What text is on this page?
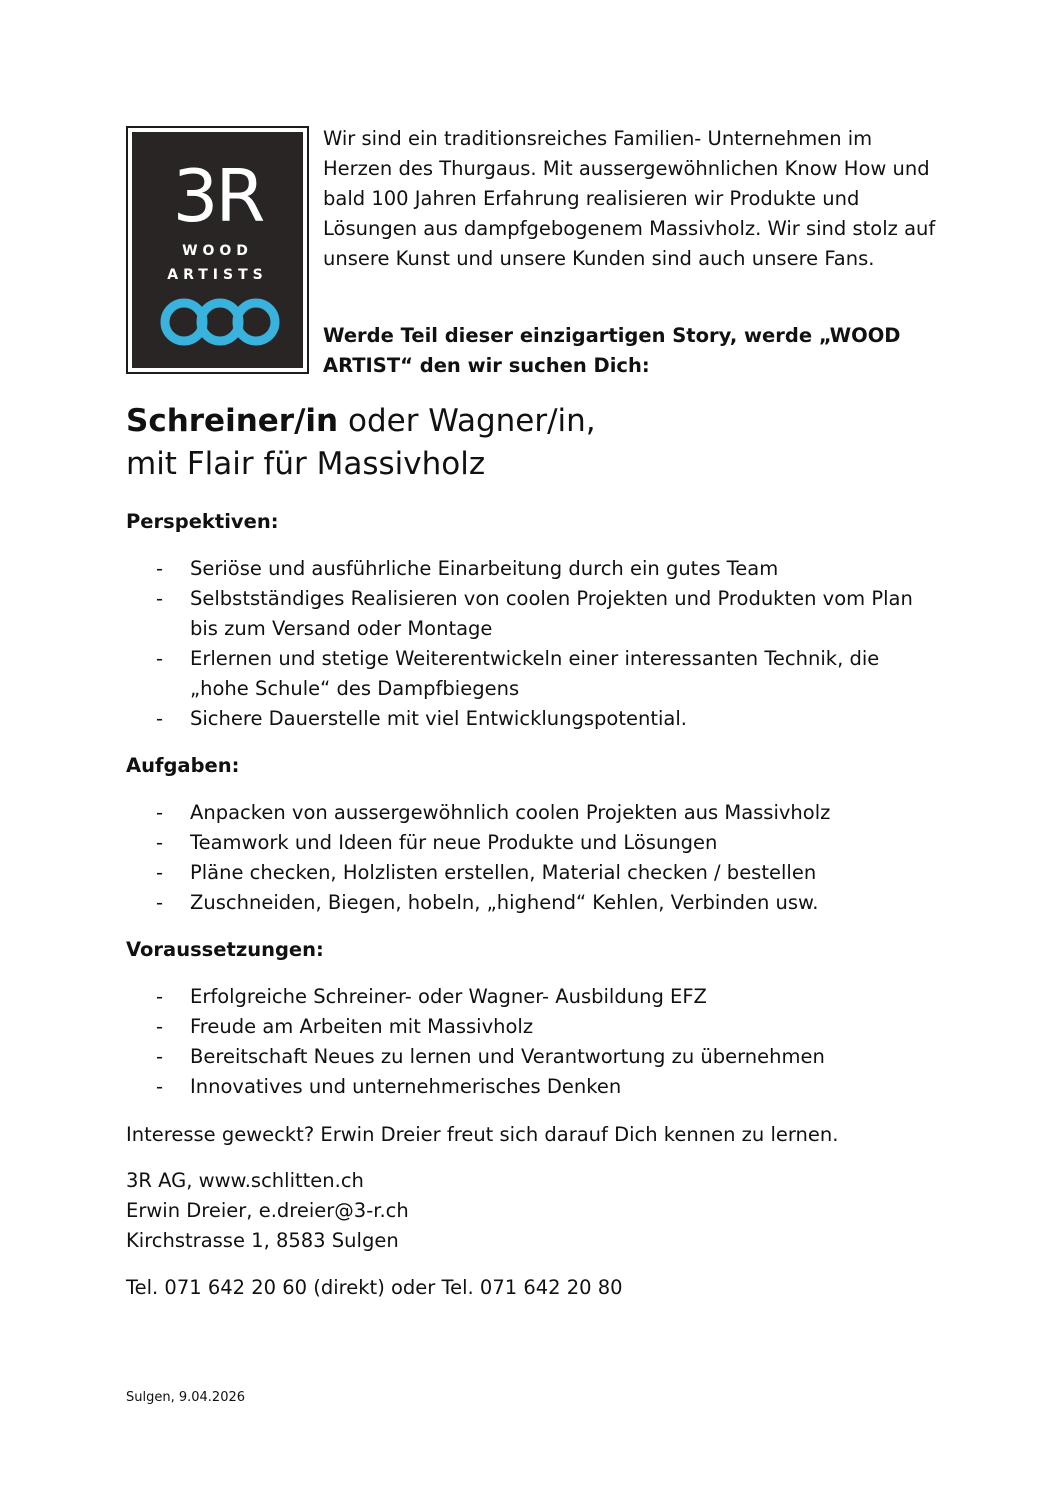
3R
WOOD
ARTISTS

Wir sind ein traditionsreiches Familien- Unternehmen im Herzen des Thurgaus. Mit aussergewöhnlichen Know How und bald 100 Jahren Erfahrung realisieren wir Produkte und Lösungen aus dampfgebogenem Massivholz. Wir sind stolz auf unsere Kunst und unsere Kunden sind auch unsere Fans.

Werde Teil dieser einzigartigen Story, werde „WOOD ARTIST“ den wir suchen Dich:

Schreiner/in oder Wagner/in,
mit Flair für Massivholz
Perspektiven:
- Seriöse und ausführliche Einarbeitung durch ein gutes Team
- Selbstständiges Realisieren von coolen Projekten und Produkten vom Plan bis zum Versand oder Montage
- Erlernen und stetige Weiterentwickeln einer interessanten Technik, die „hohe Schule“ des Dampfbiegens
- Sichere Dauerstelle mit viel Entwicklungspotential.
Aufgaben:
- Anpacken von aussergewöhnlich coolen Projekten aus Massivholz
- Teamwork und Ideen für neue Produkte und Lösungen
- Pläne checken, Holzlisten erstellen, Material checken / bestellen
- Zuschneiden, Biegen, hobeln, „highend“ Kehlen, Verbinden usw.
Voraussetzungen:
- Erfolgreiche Schreiner- oder Wagner- Ausbildung EFZ
- Freude am Arbeiten mit Massivholz
- Bereitschaft Neues zu lernen und Verantwortung zu übernehmen
- Innovatives und unternehmerisches Denken

Interesse geweckt? Erwin Dreier freut sich darauf Dich kennen zu lernen.

3R AG, www.schlitten.ch
Erwin Dreier, e.dreier@3-r.ch
Kirchstrasse 1, 8583 Sulgen

Tel. 071 642 20 60 (direkt) oder Tel. 071 642 20 80

Sulgen, 9.04.2026
